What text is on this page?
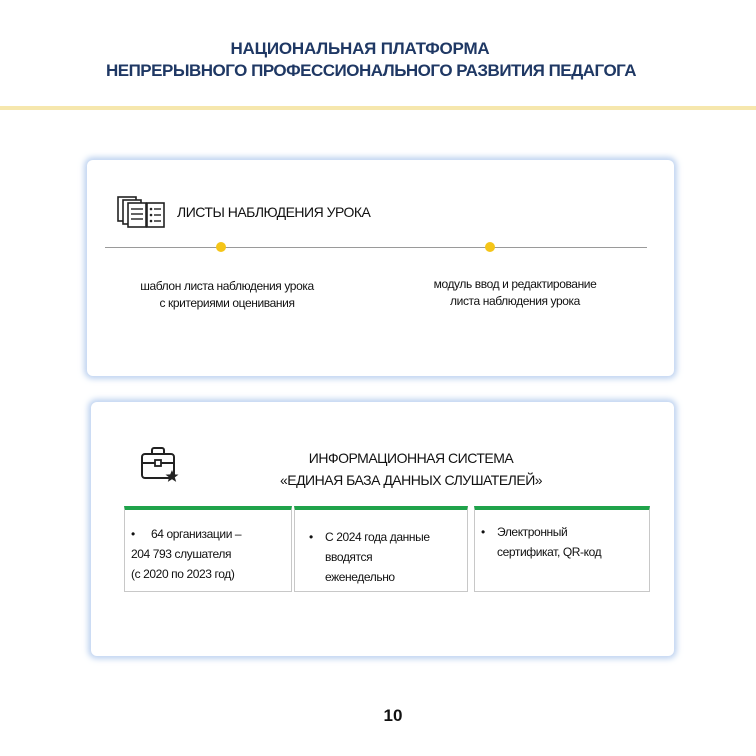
НАЦИОНАЛЬНАЯ ПЛАТФОРМА
НЕПРЕРЫВНОГО ПРОФЕССИОНАЛЬНОГО РАЗВИТИЯ ПЕДАГОГА
ЛИСТЫ НАБЛЮДЕНИЯ УРОКА
шаблон листа наблюдения урока
с критериями оценивания
модуль ввод и редактирование
листа наблюдения урока
ИНФОРМАЦИОННАЯ СИСТЕМА
«ЕДИНАЯ БАЗА ДАННЫХ СЛУШАТЕЛЕЙ»
• 64 организации –
204 793 слушателя
(с 2020 по 2023 год)
• С 2024 года данные
вводятся
еженедельно
• Электронный
сертификат, QR-код
10
